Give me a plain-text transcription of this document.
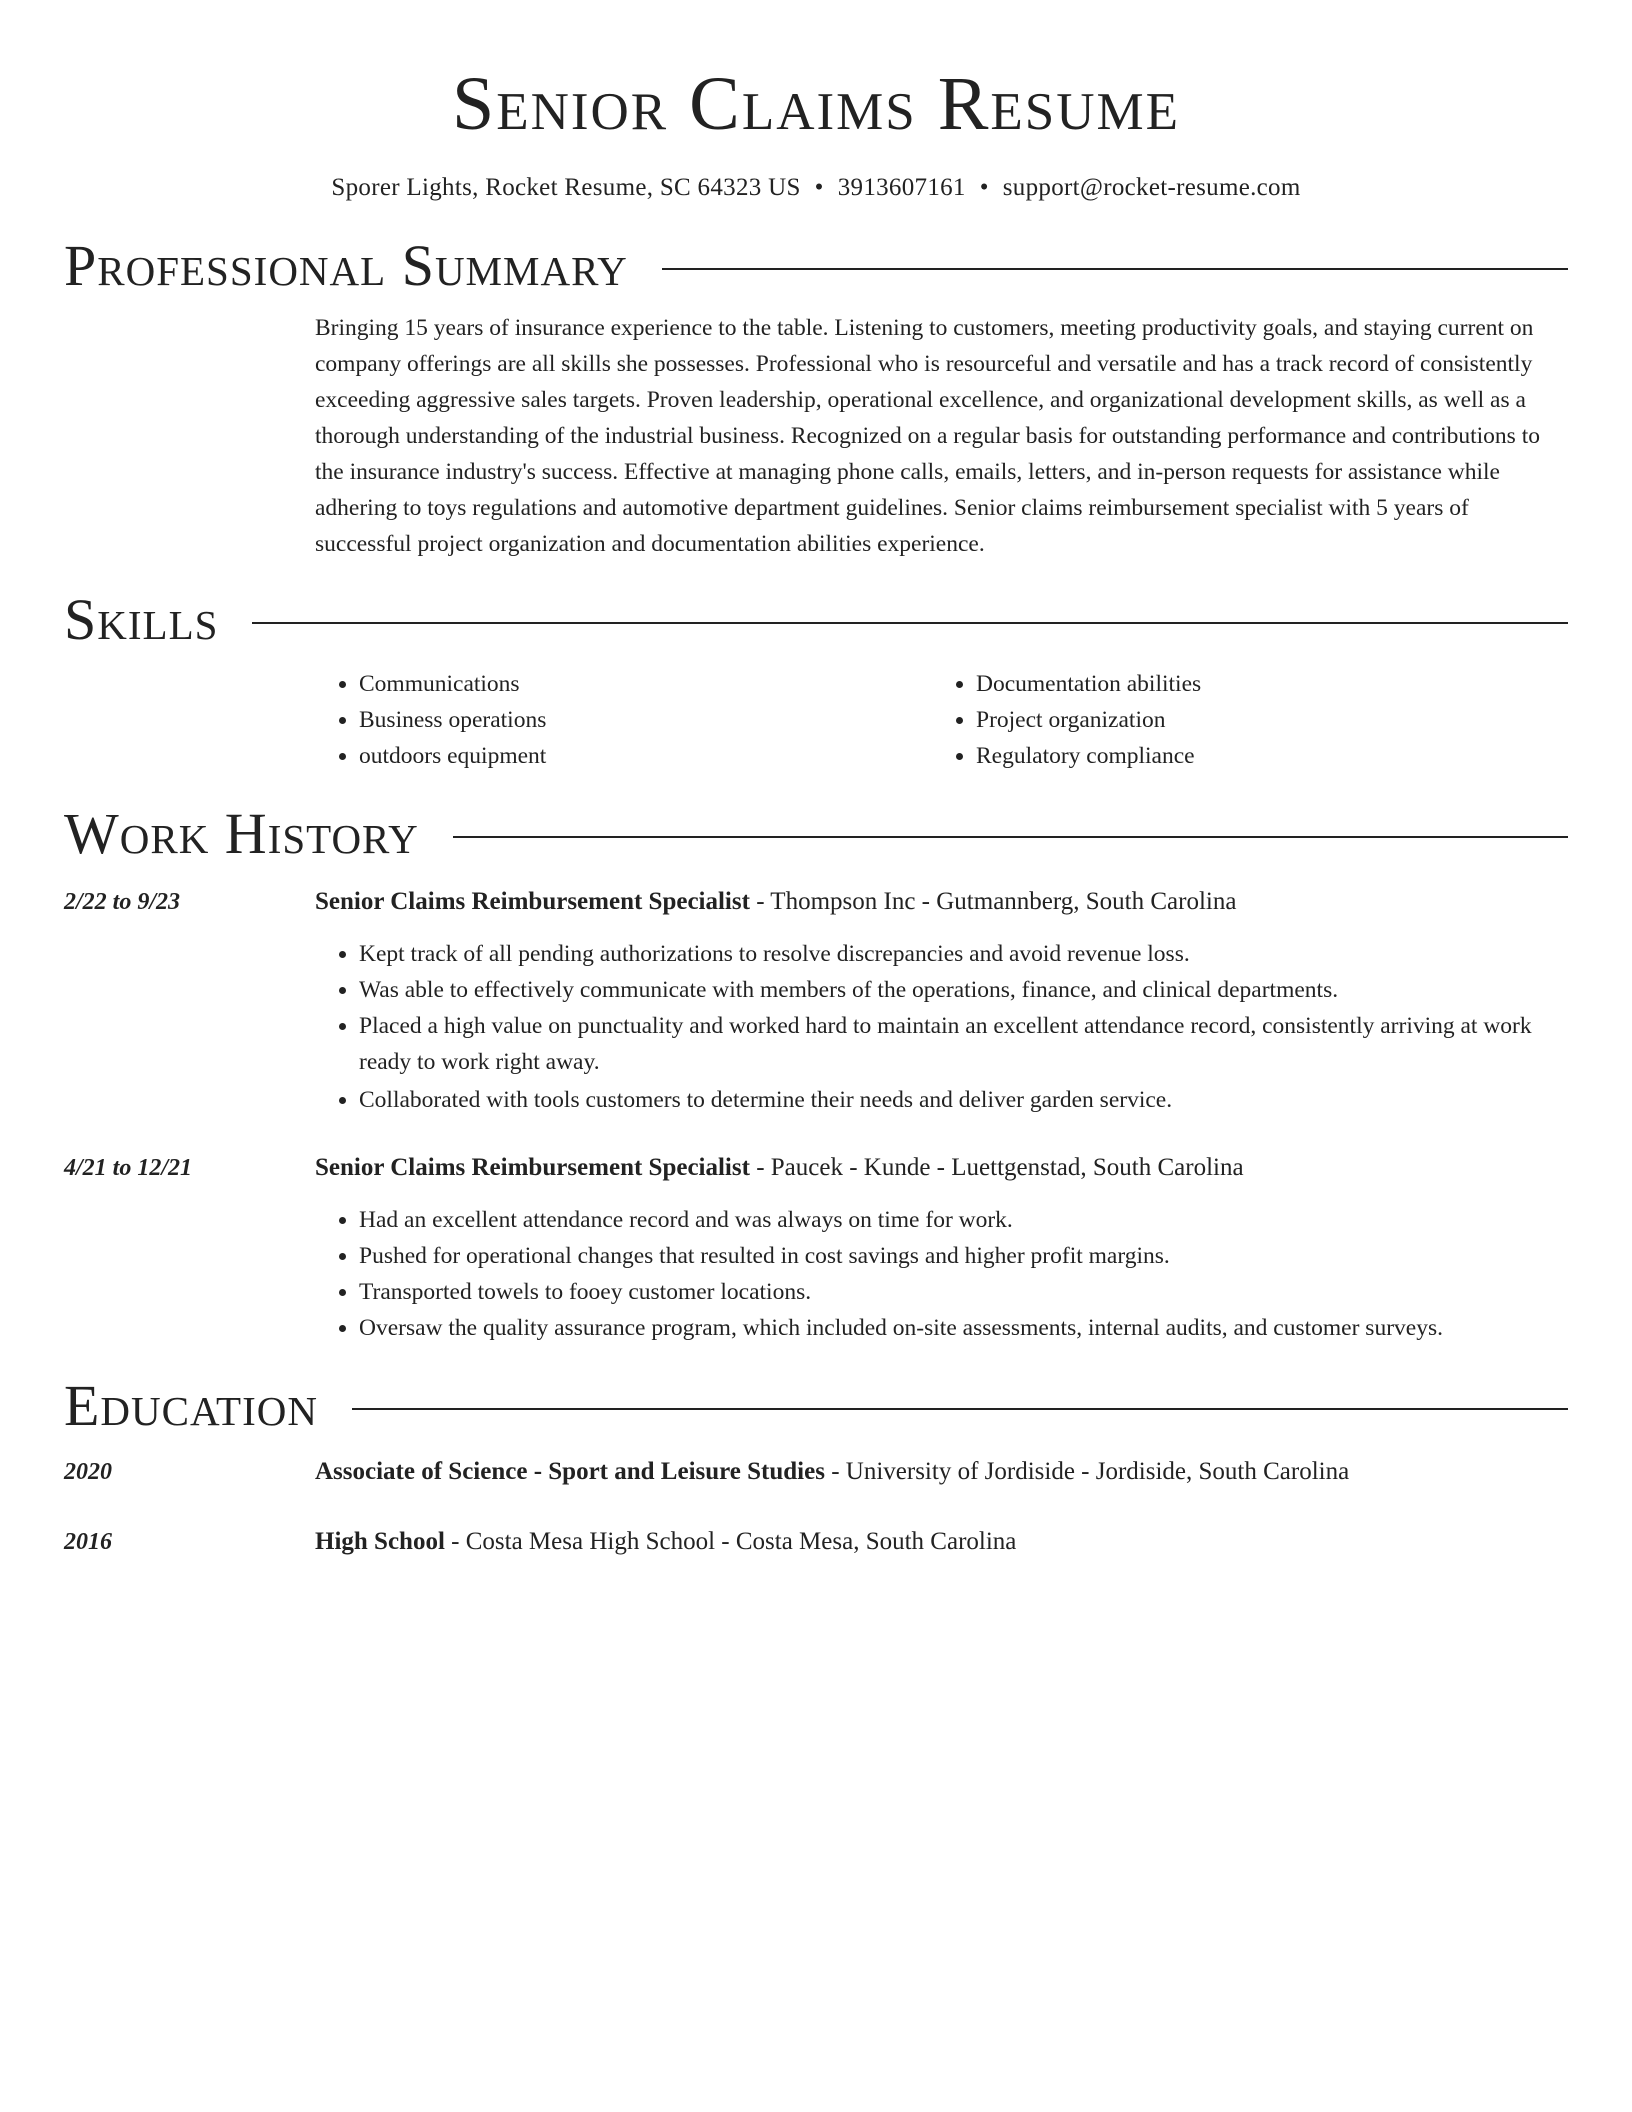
Senior Claims Resume
Sporer Lights, Rocket Resume, SC 64323 US • 3913607161 • support@rocket-resume.com
Professional Summary
Bringing 15 years of insurance experience to the table. Listening to customers, meeting productivity goals, and staying current on company offerings are all skills she possesses. Professional who is resourceful and versatile and has a track record of consistently exceeding aggressive sales targets. Proven leadership, operational excellence, and organizational development skills, as well as a thorough understanding of the industrial business. Recognized on a regular basis for outstanding performance and contributions to the insurance industry's success. Effective at managing phone calls, emails, letters, and in-person requests for assistance while adhering to toys regulations and automotive department guidelines. Senior claims reimbursement specialist with 5 years of successful project organization and documentation abilities experience.
Skills
• Communications
• Business operations
• outdoors equipment
• Documentation abilities
• Project organization
• Regulatory compliance
Work History
2/22 to 9/23	Senior Claims Reimbursement Specialist - Thompson Inc - Gutmannberg, South Carolina
• Kept track of all pending authorizations to resolve discrepancies and avoid revenue loss.
• Was able to effectively communicate with members of the operations, finance, and clinical departments.
• Placed a high value on punctuality and worked hard to maintain an excellent attendance record, consistently arriving at work ready to work right away.
• Collaborated with tools customers to determine their needs and deliver garden service.
4/21 to 12/21	Senior Claims Reimbursement Specialist - Paucek - Kunde - Luettgenstad, South Carolina
• Had an excellent attendance record and was always on time for work.
• Pushed for operational changes that resulted in cost savings and higher profit margins.
• Transported towels to fooey customer locations.
• Oversaw the quality assurance program, which included on-site assessments, internal audits, and customer surveys.
Education
2020	Associate of Science - Sport and Leisure Studies - University of Jordiside - Jordiside, South Carolina
2016	High School - Costa Mesa High School - Costa Mesa, South Carolina
